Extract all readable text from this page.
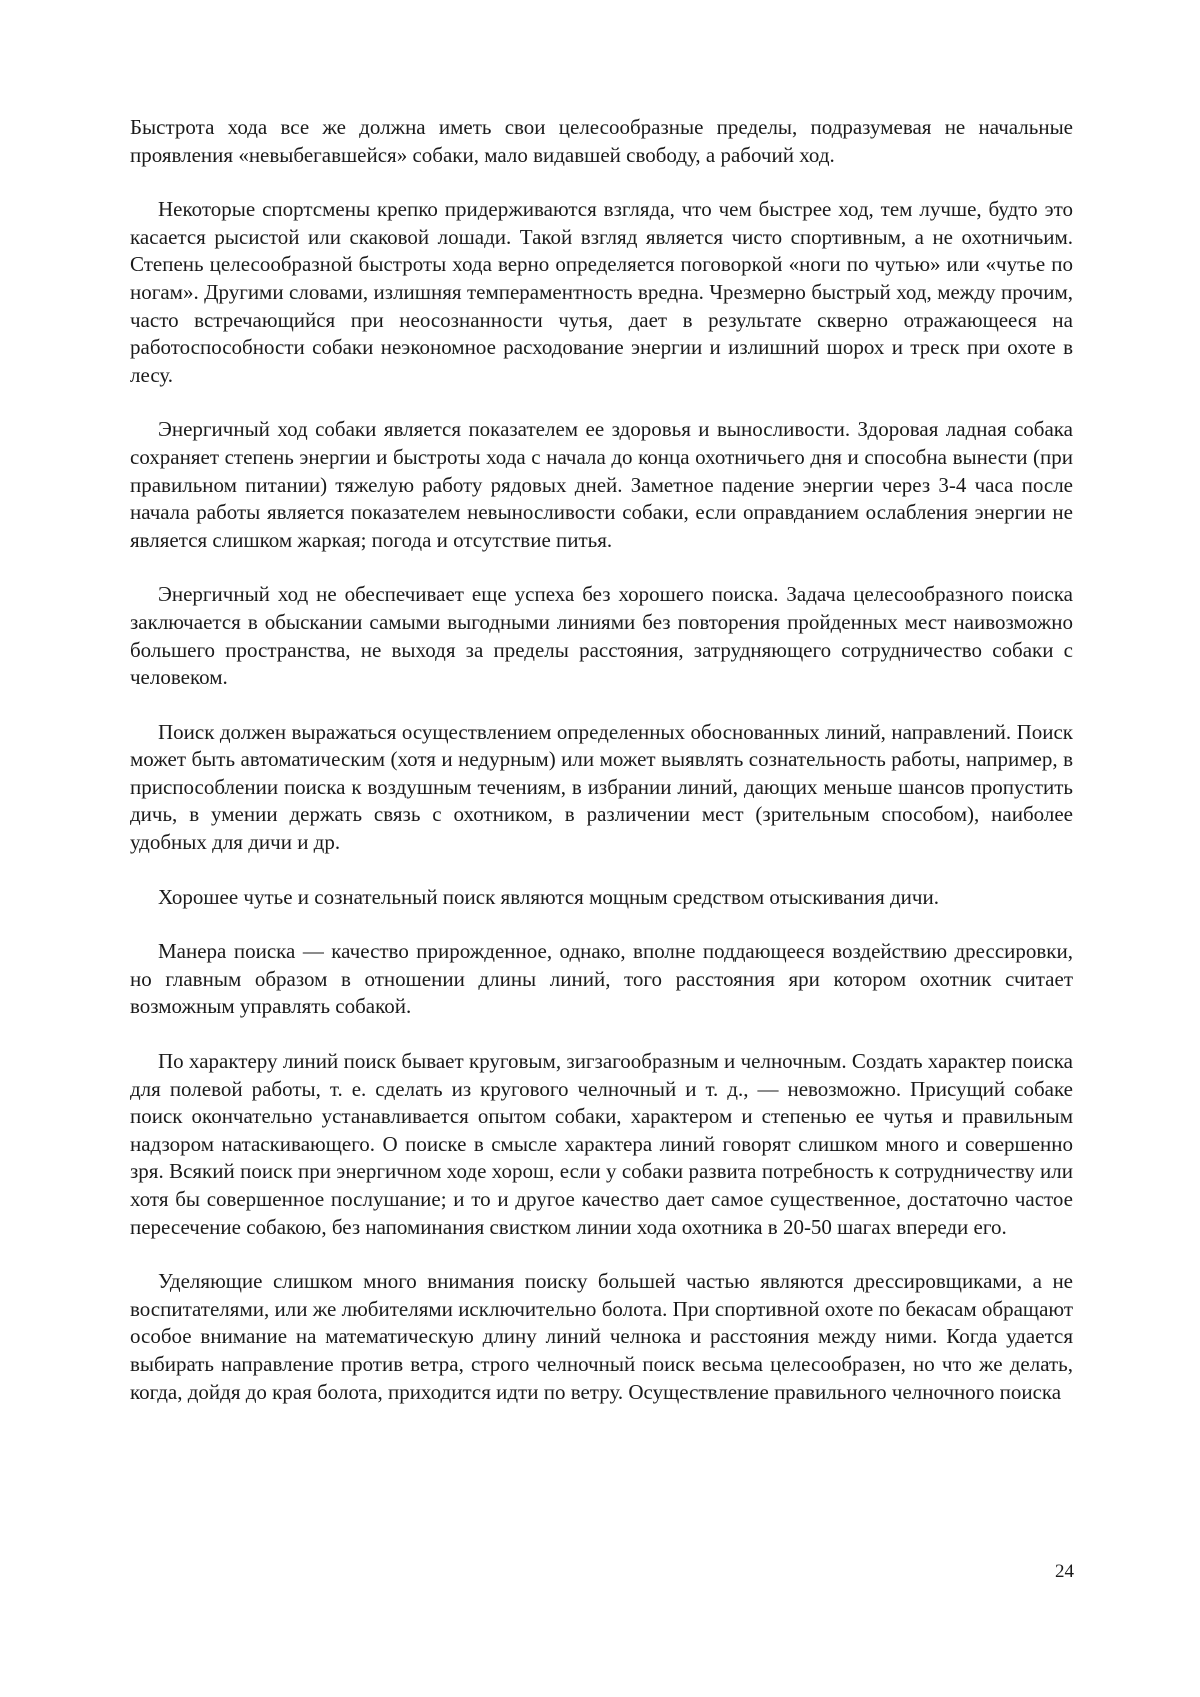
Быстрота хода все же должна иметь свои целесообразные пределы, подразумевая не начальные проявления «невыбегавшейся» собаки, мало видавшей свободу, а рабочий ход.

Некоторые спортсмены крепко придерживаются взгляда, что чем быстрее ход, тем лучше, будто это касается рысистой или скаковой лошади. Такой взгляд является чисто спортивным, а не охотничьим. Степень целесообразной быстроты хода верно определяется поговоркой «ноги по чутью» или «чутье по ногам». Другими словами, излишняя темпераментность вредна. Чрезмерно быстрый ход, между прочим, часто встречающийся при неосознанности чутья, дает в результате скверно отражающееся на работоспособности собаки неэкономное расходование энергии и излишний шорох и треск при охоте в лесу.

Энергичный ход собаки является показателем ее здоровья и выносливости. Здоровая ладная собака сохраняет степень энергии и быстроты хода с начала до конца охотничьего дня и способна вынести (при правильном питании) тяжелую работу рядовых дней. Заметное падение энергии через 3-4 часа после начала работы является показателем невыносливости собаки, если оправданием ослабления энергии не является слишком жаркая; погода и отсутствие питья.

Энергичный ход не обеспечивает еще успеха без хорошего поиска. Задача целесообразного поиска заключается в обыскании самыми выгодными линиями без повторения пройденных мест наивозможно большего пространства, не выходя за пределы расстояния, затрудняющего сотрудничество собаки с человеком.

Поиск должен выражаться осуществлением определенных обоснованных линий, направлений. Поиск может быть автоматическим (хотя и недурным) или может выявлять сознательность работы, например, в приспособлении поиска к воздушным течениям, в избрании линий, дающих меньше шансов пропустить дичь, в умении держать связь с охотником, в различении мест (зрительным способом), наиболее удобных для дичи и др.

Хорошее чутье и сознательный поиск являются мощным средством отыскивания дичи.

Манера поиска — качество прирожденное, однако, вполне поддающееся воздействию дрессировки, но главным образом в отношении длины линий, того расстояния яри котором охотник считает возможным управлять собакой.

По характеру линий поиск бывает круговым, зигзагообразным и челночным. Создать характер поиска для полевой работы, т. е. сделать из кругового челночный и т. д., — невозможно. Присущий собаке поиск окончательно устанавливается опытом собаки, характером и степенью ее чутья и правильным надзором натаскивающего. О поиске в смысле характера линий говорят слишком много и совершенно зря. Всякий поиск при энергичном ходе хорош, если у собаки развита потребность к сотрудничеству или хотя бы совершенное послушание; и то и другое качество дает самое существенное, достаточно частое пересечение собакою, без напоминания свистком линии хода охотника в 20-50 шагах впереди его.

Уделяющие слишком много внимания поиску большей частью являются дрессировщиками, а не воспитателями, или же любителями исключительно болота. При спортивной охоте по бекасам обращают особое внимание на математическую длину линий челнока и расстояния между ними. Когда удается выбирать направление против ветра, строго челночный поиск весьма целесообразен, но что же делать, когда, дойдя до края болота, приходится идти по ветру. Осуществление правильного челночного поиска

24
